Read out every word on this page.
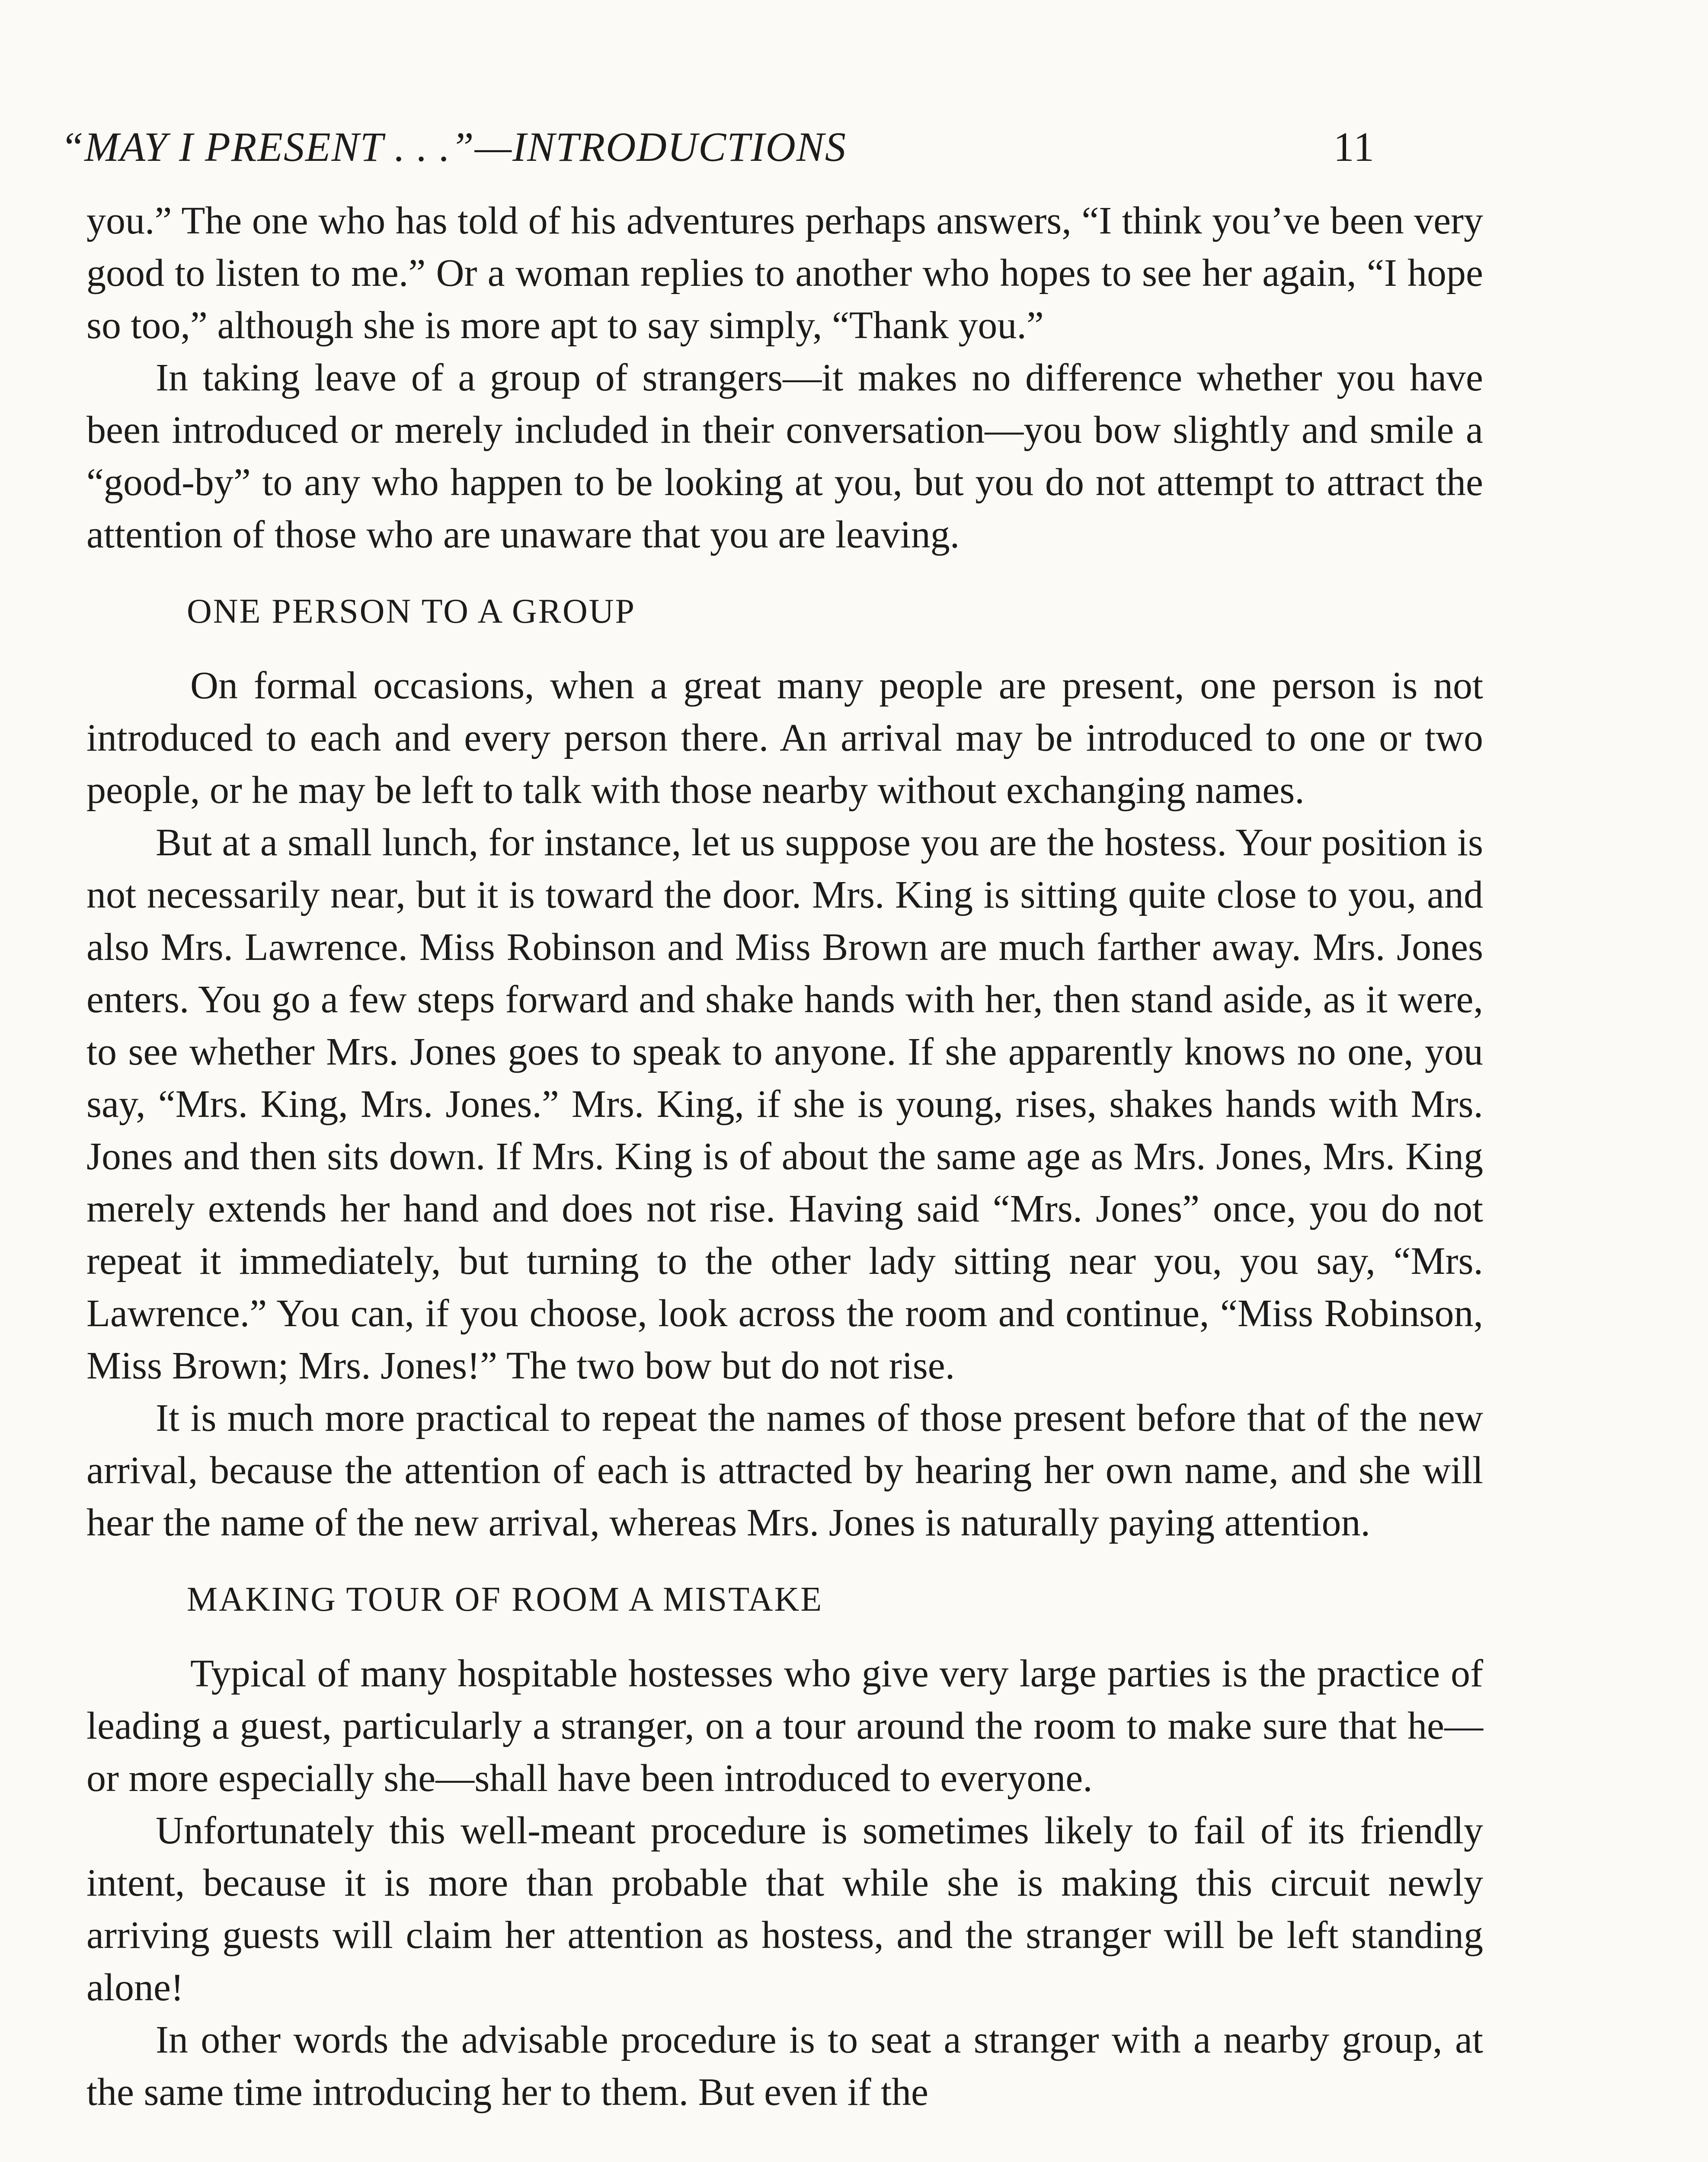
“MAY I PRESENT . . .”—INTRODUCTIONS	11

you.” The one who has told of his adventures perhaps answers, “I think you’ve been very good to listen to me.” Or a woman replies to another who hopes to see her again, “I hope so too,” although she is more apt to say simply, “Thank you.”

In taking leave of a group of strangers—it makes no difference whether you have been introduced or merely included in their conversation—you bow slightly and smile a “good-by” to any who happen to be looking at you, but you do not attempt to attract the attention of those who are unaware that you are leaving.

ONE PERSON TO A GROUP

On formal occasions, when a great many people are present, one person is not introduced to each and every person there. An arrival may be introduced to one or two people, or he may be left to talk with those nearby without exchanging names.

But at a small lunch, for instance, let us suppose you are the hostess. Your position is not necessarily near, but it is toward the door. Mrs. King is sitting quite close to you, and also Mrs. Lawrence. Miss Robinson and Miss Brown are much farther away. Mrs. Jones enters. You go a few steps forward and shake hands with her, then stand aside, as it were, to see whether Mrs. Jones goes to speak to anyone. If she apparently knows no one, you say, “Mrs. King, Mrs. Jones.” Mrs. King, if she is young, rises, shakes hands with Mrs. Jones and then sits down. If Mrs. King is of about the same age as Mrs. Jones, Mrs. King merely extends her hand and does not rise. Having said “Mrs. Jones” once, you do not repeat it immediately, but turning to the other lady sitting near you, you say, “Mrs. Lawrence.” You can, if you choose, look across the room and continue, “Miss Robinson, Miss Brown; Mrs. Jones!” The two bow but do not rise.

It is much more practical to repeat the names of those present before that of the new arrival, because the attention of each is attracted by hearing her own name, and she will hear the name of the new arrival, whereas Mrs. Jones is naturally paying attention.

MAKING TOUR OF ROOM A MISTAKE

Typical of many hospitable hostesses who give very large parties is the practice of leading a guest, particularly a stranger, on a tour around the room to make sure that he—or more especially she—shall have been introduced to everyone.

Unfortunately this well-meant procedure is sometimes likely to fail of its friendly intent, because it is more than probable that while she is making this circuit newly arriving guests will claim her attention as hostess, and the stranger will be left standing alone!

In other words the advisable procedure is to seat a stranger with a nearby group, at the same time introducing her to them. But even if the
